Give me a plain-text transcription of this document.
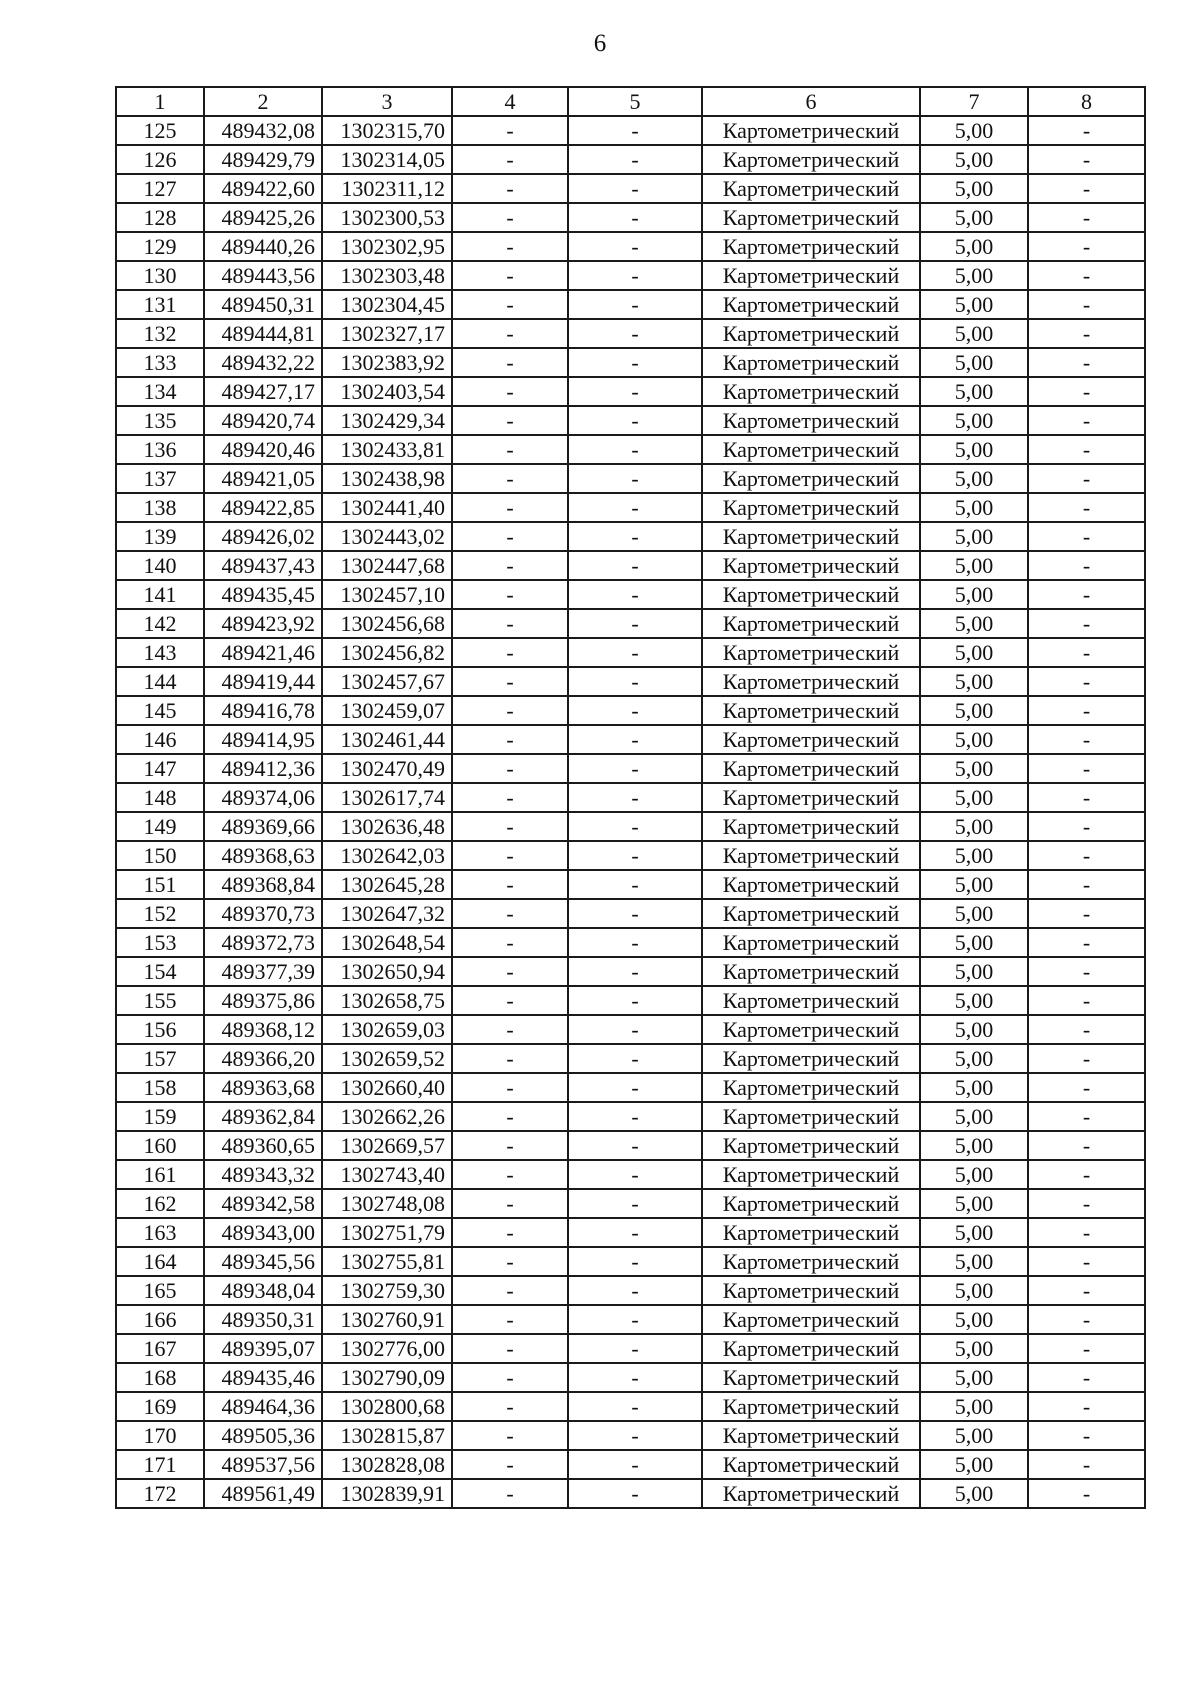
6
1	2	3	4	5	6	7	8
125	489432,08	1302315,70	-	-	Картометрический	5,00	-
126	489429,79	1302314,05	-	-	Картометрический	5,00	-
127	489422,60	1302311,12	-	-	Картометрический	5,00	-
128	489425,26	1302300,53	-	-	Картометрический	5,00	-
129	489440,26	1302302,95	-	-	Картометрический	5,00	-
130	489443,56	1302303,48	-	-	Картометрический	5,00	-
131	489450,31	1302304,45	-	-	Картометрический	5,00	-
132	489444,81	1302327,17	-	-	Картометрический	5,00	-
133	489432,22	1302383,92	-	-	Картометрический	5,00	-
134	489427,17	1302403,54	-	-	Картометрический	5,00	-
135	489420,74	1302429,34	-	-	Картометрический	5,00	-
136	489420,46	1302433,81	-	-	Картометрический	5,00	-
137	489421,05	1302438,98	-	-	Картометрический	5,00	-
138	489422,85	1302441,40	-	-	Картометрический	5,00	-
139	489426,02	1302443,02	-	-	Картометрический	5,00	-
140	489437,43	1302447,68	-	-	Картометрический	5,00	-
141	489435,45	1302457,10	-	-	Картометрический	5,00	-
142	489423,92	1302456,68	-	-	Картометрический	5,00	-
143	489421,46	1302456,82	-	-	Картометрический	5,00	-
144	489419,44	1302457,67	-	-	Картометрический	5,00	-
145	489416,78	1302459,07	-	-	Картометрический	5,00	-
146	489414,95	1302461,44	-	-	Картометрический	5,00	-
147	489412,36	1302470,49	-	-	Картометрический	5,00	-
148	489374,06	1302617,74	-	-	Картометрический	5,00	-
149	489369,66	1302636,48	-	-	Картометрический	5,00	-
150	489368,63	1302642,03	-	-	Картометрический	5,00	-
151	489368,84	1302645,28	-	-	Картометрический	5,00	-
152	489370,73	1302647,32	-	-	Картометрический	5,00	-
153	489372,73	1302648,54	-	-	Картометрический	5,00	-
154	489377,39	1302650,94	-	-	Картометрический	5,00	-
155	489375,86	1302658,75	-	-	Картометрический	5,00	-
156	489368,12	1302659,03	-	-	Картометрический	5,00	-
157	489366,20	1302659,52	-	-	Картометрический	5,00	-
158	489363,68	1302660,40	-	-	Картометрический	5,00	-
159	489362,84	1302662,26	-	-	Картометрический	5,00	-
160	489360,65	1302669,57	-	-	Картометрический	5,00	-
161	489343,32	1302743,40	-	-	Картометрический	5,00	-
162	489342,58	1302748,08	-	-	Картометрический	5,00	-
163	489343,00	1302751,79	-	-	Картометрический	5,00	-
164	489345,56	1302755,81	-	-	Картометрический	5,00	-
165	489348,04	1302759,30	-	-	Картометрический	5,00	-
166	489350,31	1302760,91	-	-	Картометрический	5,00	-
167	489395,07	1302776,00	-	-	Картометрический	5,00	-
168	489435,46	1302790,09	-	-	Картометрический	5,00	-
169	489464,36	1302800,68	-	-	Картометрический	5,00	-
170	489505,36	1302815,87	-	-	Картометрический	5,00	-
171	489537,56	1302828,08	-	-	Картометрический	5,00	-
172	489561,49	1302839,91	-	-	Картометрический	5,00	-
